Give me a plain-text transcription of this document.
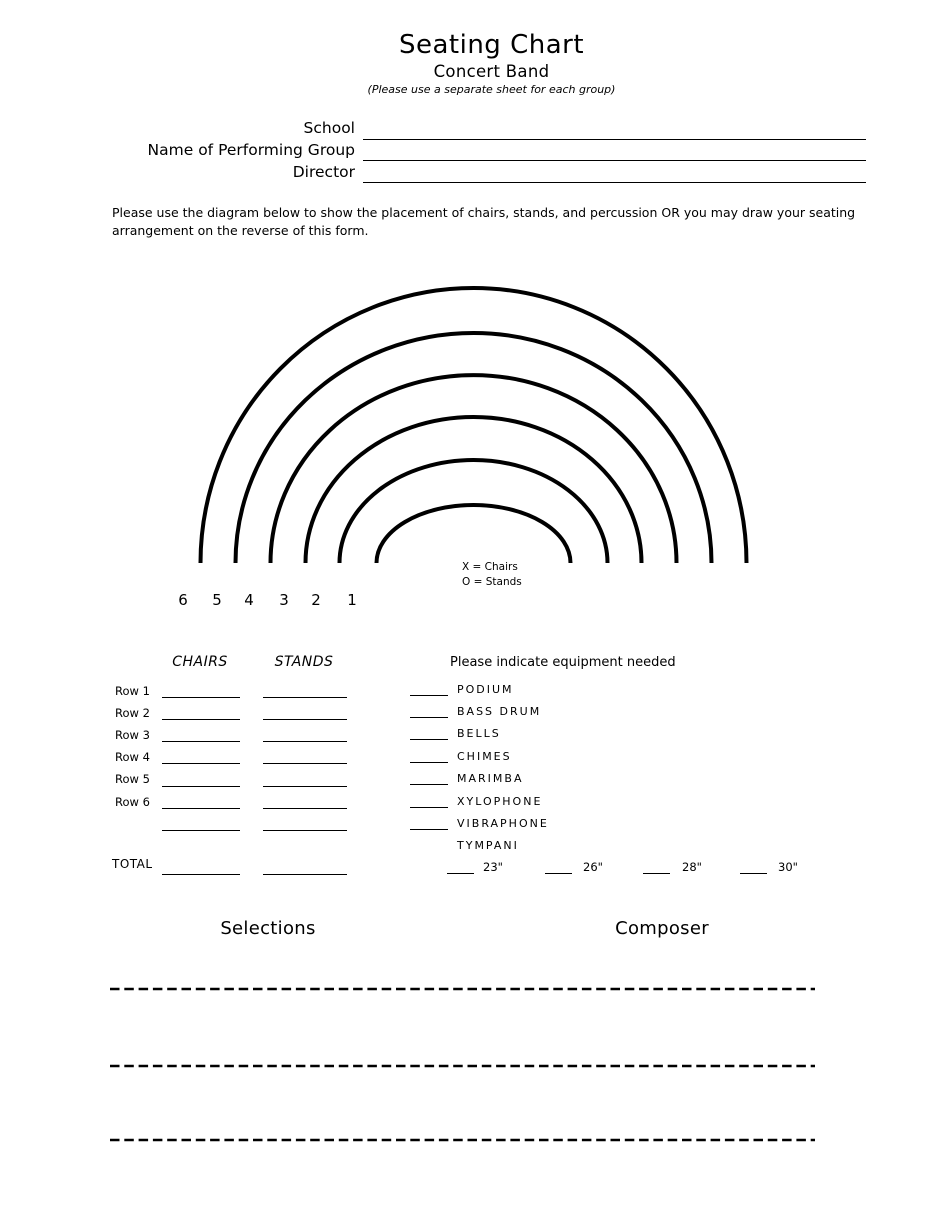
Seating Chart
Concert Band
(Please use a separate sheet for each group)
School
Name of Performing Group
Director

Please use the diagram below to show the placement of chairs, stands, and percussion OR you may draw your seating arrangement on the reverse of this form.

X = Chairs
O = Stands
6	5	4	3	2	1
CHAIRS	STANDS
Row 1
Row 2
Row 3
Row 4
Row 5
Row 6
TOTAL
Please indicate equipment needed
PODIUM
BASS DRUM
BELLS
CHIMES
MARIMBA
XYLOPHONE
VIBRAPHONE
TYMPANI
23"	26"	28"	30"
Selections	Composer
